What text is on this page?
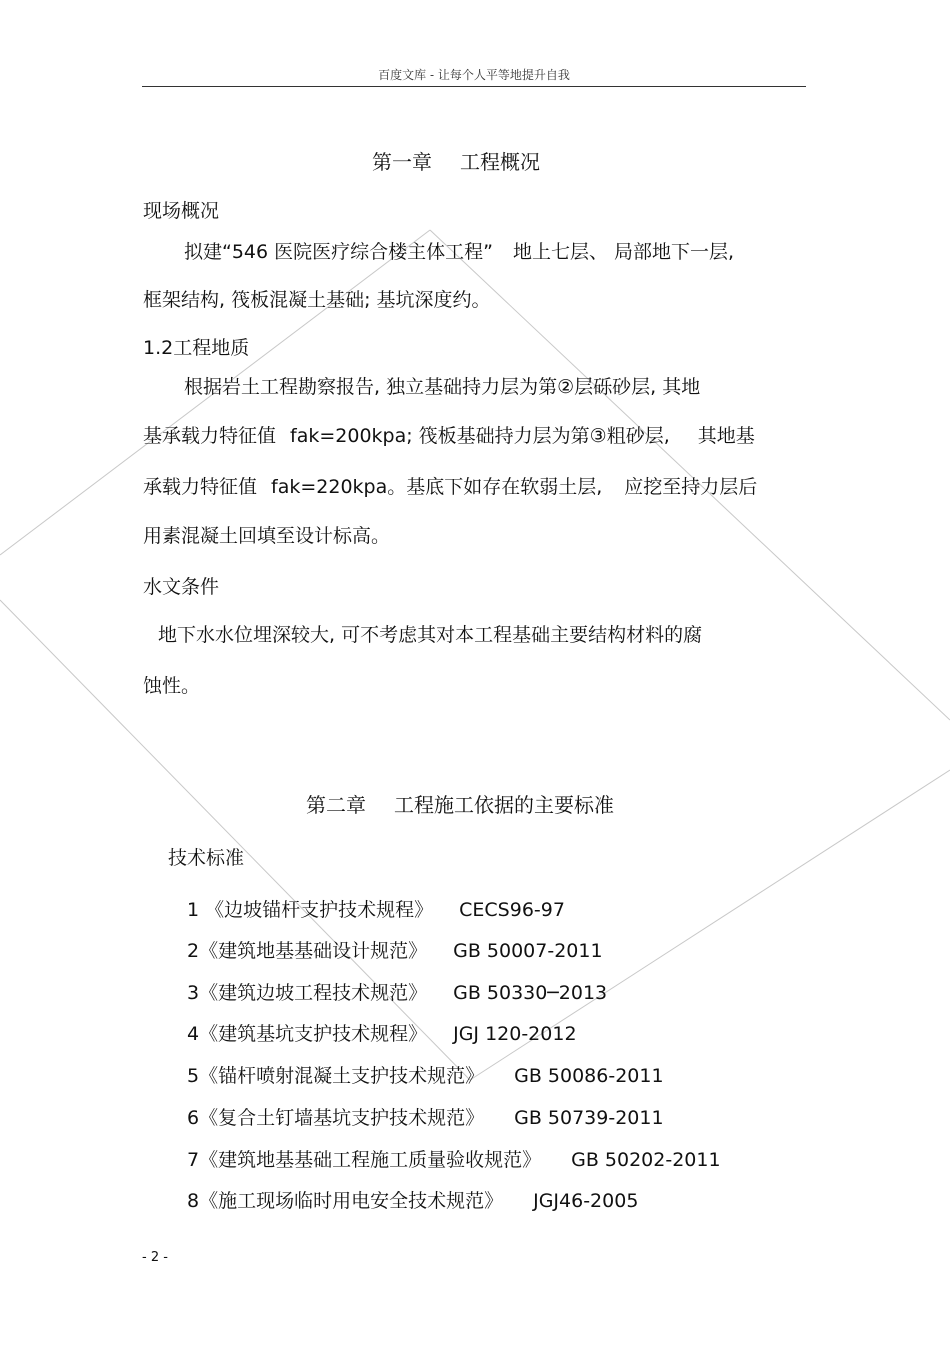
百度文库 - 让每个人平等地提升自我
第一章 工程概况
现场概况
拟建“546 医院医疗综合楼主体工程” 地上七层、 局部地下一层,
框架结构, 筏板混凝土基础; 基坑深度约。
1.2工程地质
根据岩土工程勘察报告, 独立基础持力层为第②层砾砂层, 其地
基承载力特征值 fak=200kpa; 筏板基础持力层为第③粗砂层, 其地基
承载力特征值 fak=220kpa。基底下如存在软弱土层, 应挖至持力层后
用素混凝土回填至设计标高。
水文条件
地下水水位埋深较大, 可不考虑其对本工程基础主要结构材料的腐
蚀性。
第二章 工程施工依据的主要标准
技术标准
1 《边坡锚杆支护技术规程》 CECS96-97
2《建筑地基基础设计规范》 GB 50007-2011
3《建筑边坡工程技术规范》 GB 50330─2013
4《建筑基坑支护技术规程》 JGJ 120-2012
5《锚杆喷射混凝土支护技术规范》 GB 50086-2011
6《复合土钉墙基坑支护技术规范》 GB 50739-2011
7《建筑地基基础工程施工质量验收规范》 GB 50202-2011
8《施工现场临时用电安全技术规范》 JGJ46-2005
- 2 -
